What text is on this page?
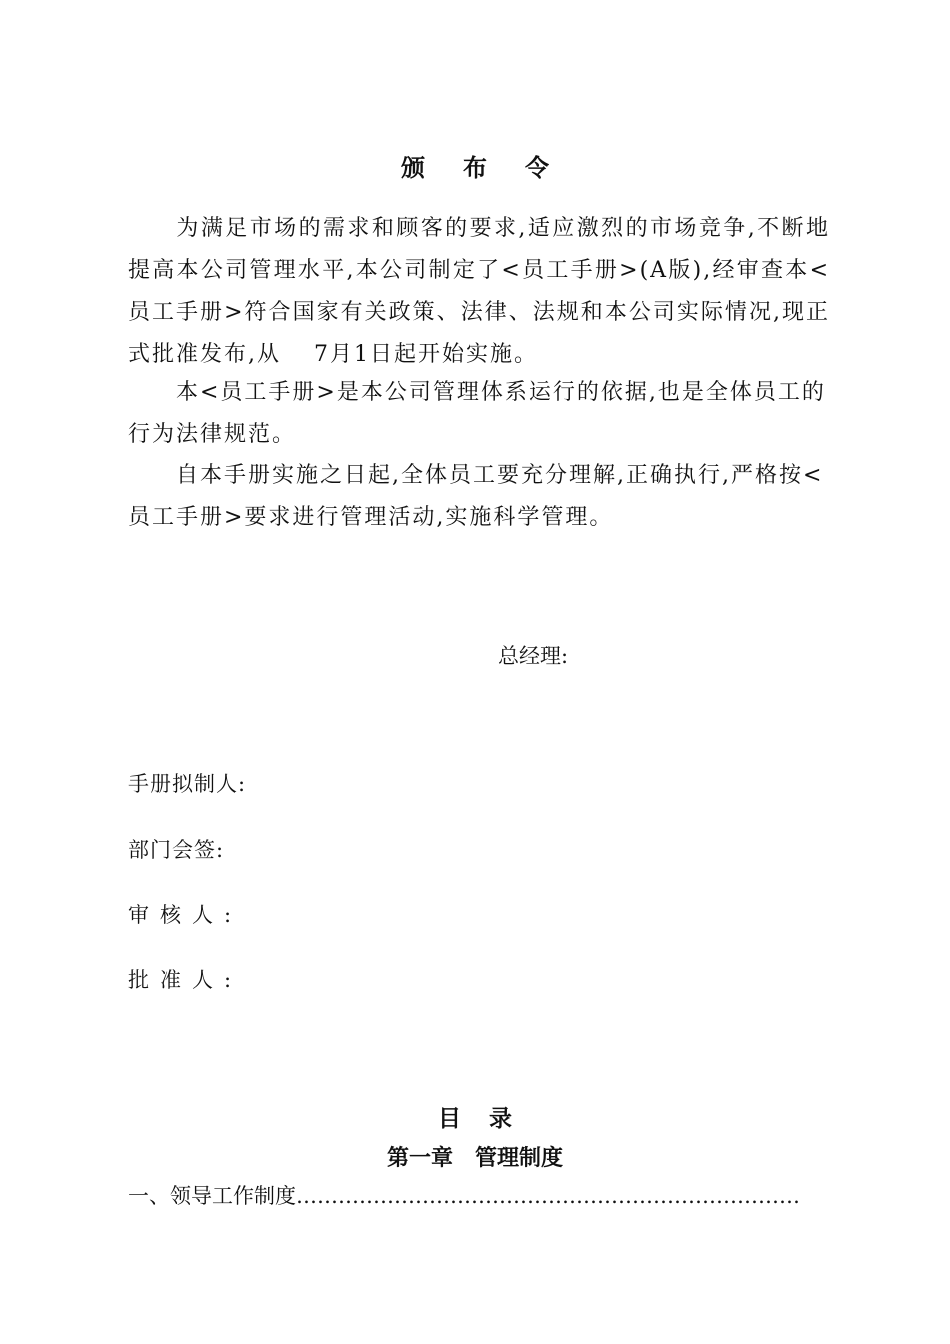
颁 布 令

为满足市场的需求和顾客的要求,适应激烈的市场竞争,不断地提高本公司管理水平,本公司制定了<员工手册>(A版),经审查本<员工手册>符合国家有关政策、法律、法规和本公司实际情况,现正式批准发布,从　 7月1日起开始实施。

本<员工手册>是本公司管理体系运行的依据,也是全体员工的行为法律规范。

自本手册实施之日起,全体员工要充分理解,正确执行,严格按<员工手册>要求进行管理活动,实施科学管理。

总经理:
手册拟制人:
部门会签:
审核人:
批准人:
目 录
第一章　管理制度
一、领导工作制度 ………………………………………………………………
